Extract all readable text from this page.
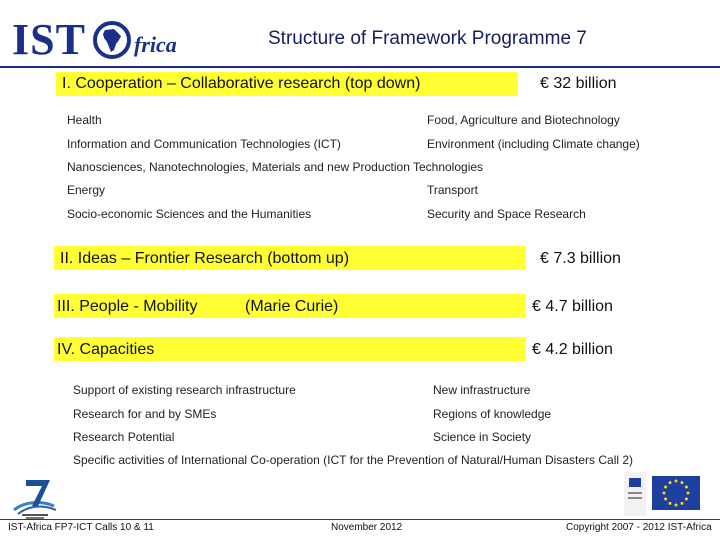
IST frica	Structure of Framework Programme 7
I. Cooperation – Collaborative research (top down)	€ 32 billion
Health	Food, Agriculture and Biotechnology
Information and Communication Technologies (ICT)	Environment (including Climate change)
Nanosciences, Nanotechnologies, Materials and new Production Technologies
Energy	Transport
Socio-economic Sciences and the Humanities	Security and Space Research
II. Ideas – Frontier Research (bottom up)	€ 7.3 billion
III. People - Mobility	(Marie Curie)	€ 4.7 billion
IV. Capacities	€ 4.2 billion
Support of existing research infrastructure	New infrastructure
Research for and by SMEs	Regions of knowledge
Research Potential	Science in Society
Specific activities of International Co-operation (ICT for the Prevention of Natural/Human Disasters Call 2)
IST-Africa FP7-ICT Calls 10 & 11	November 2012	Copyright 2007 - 2012 IST-Africa
